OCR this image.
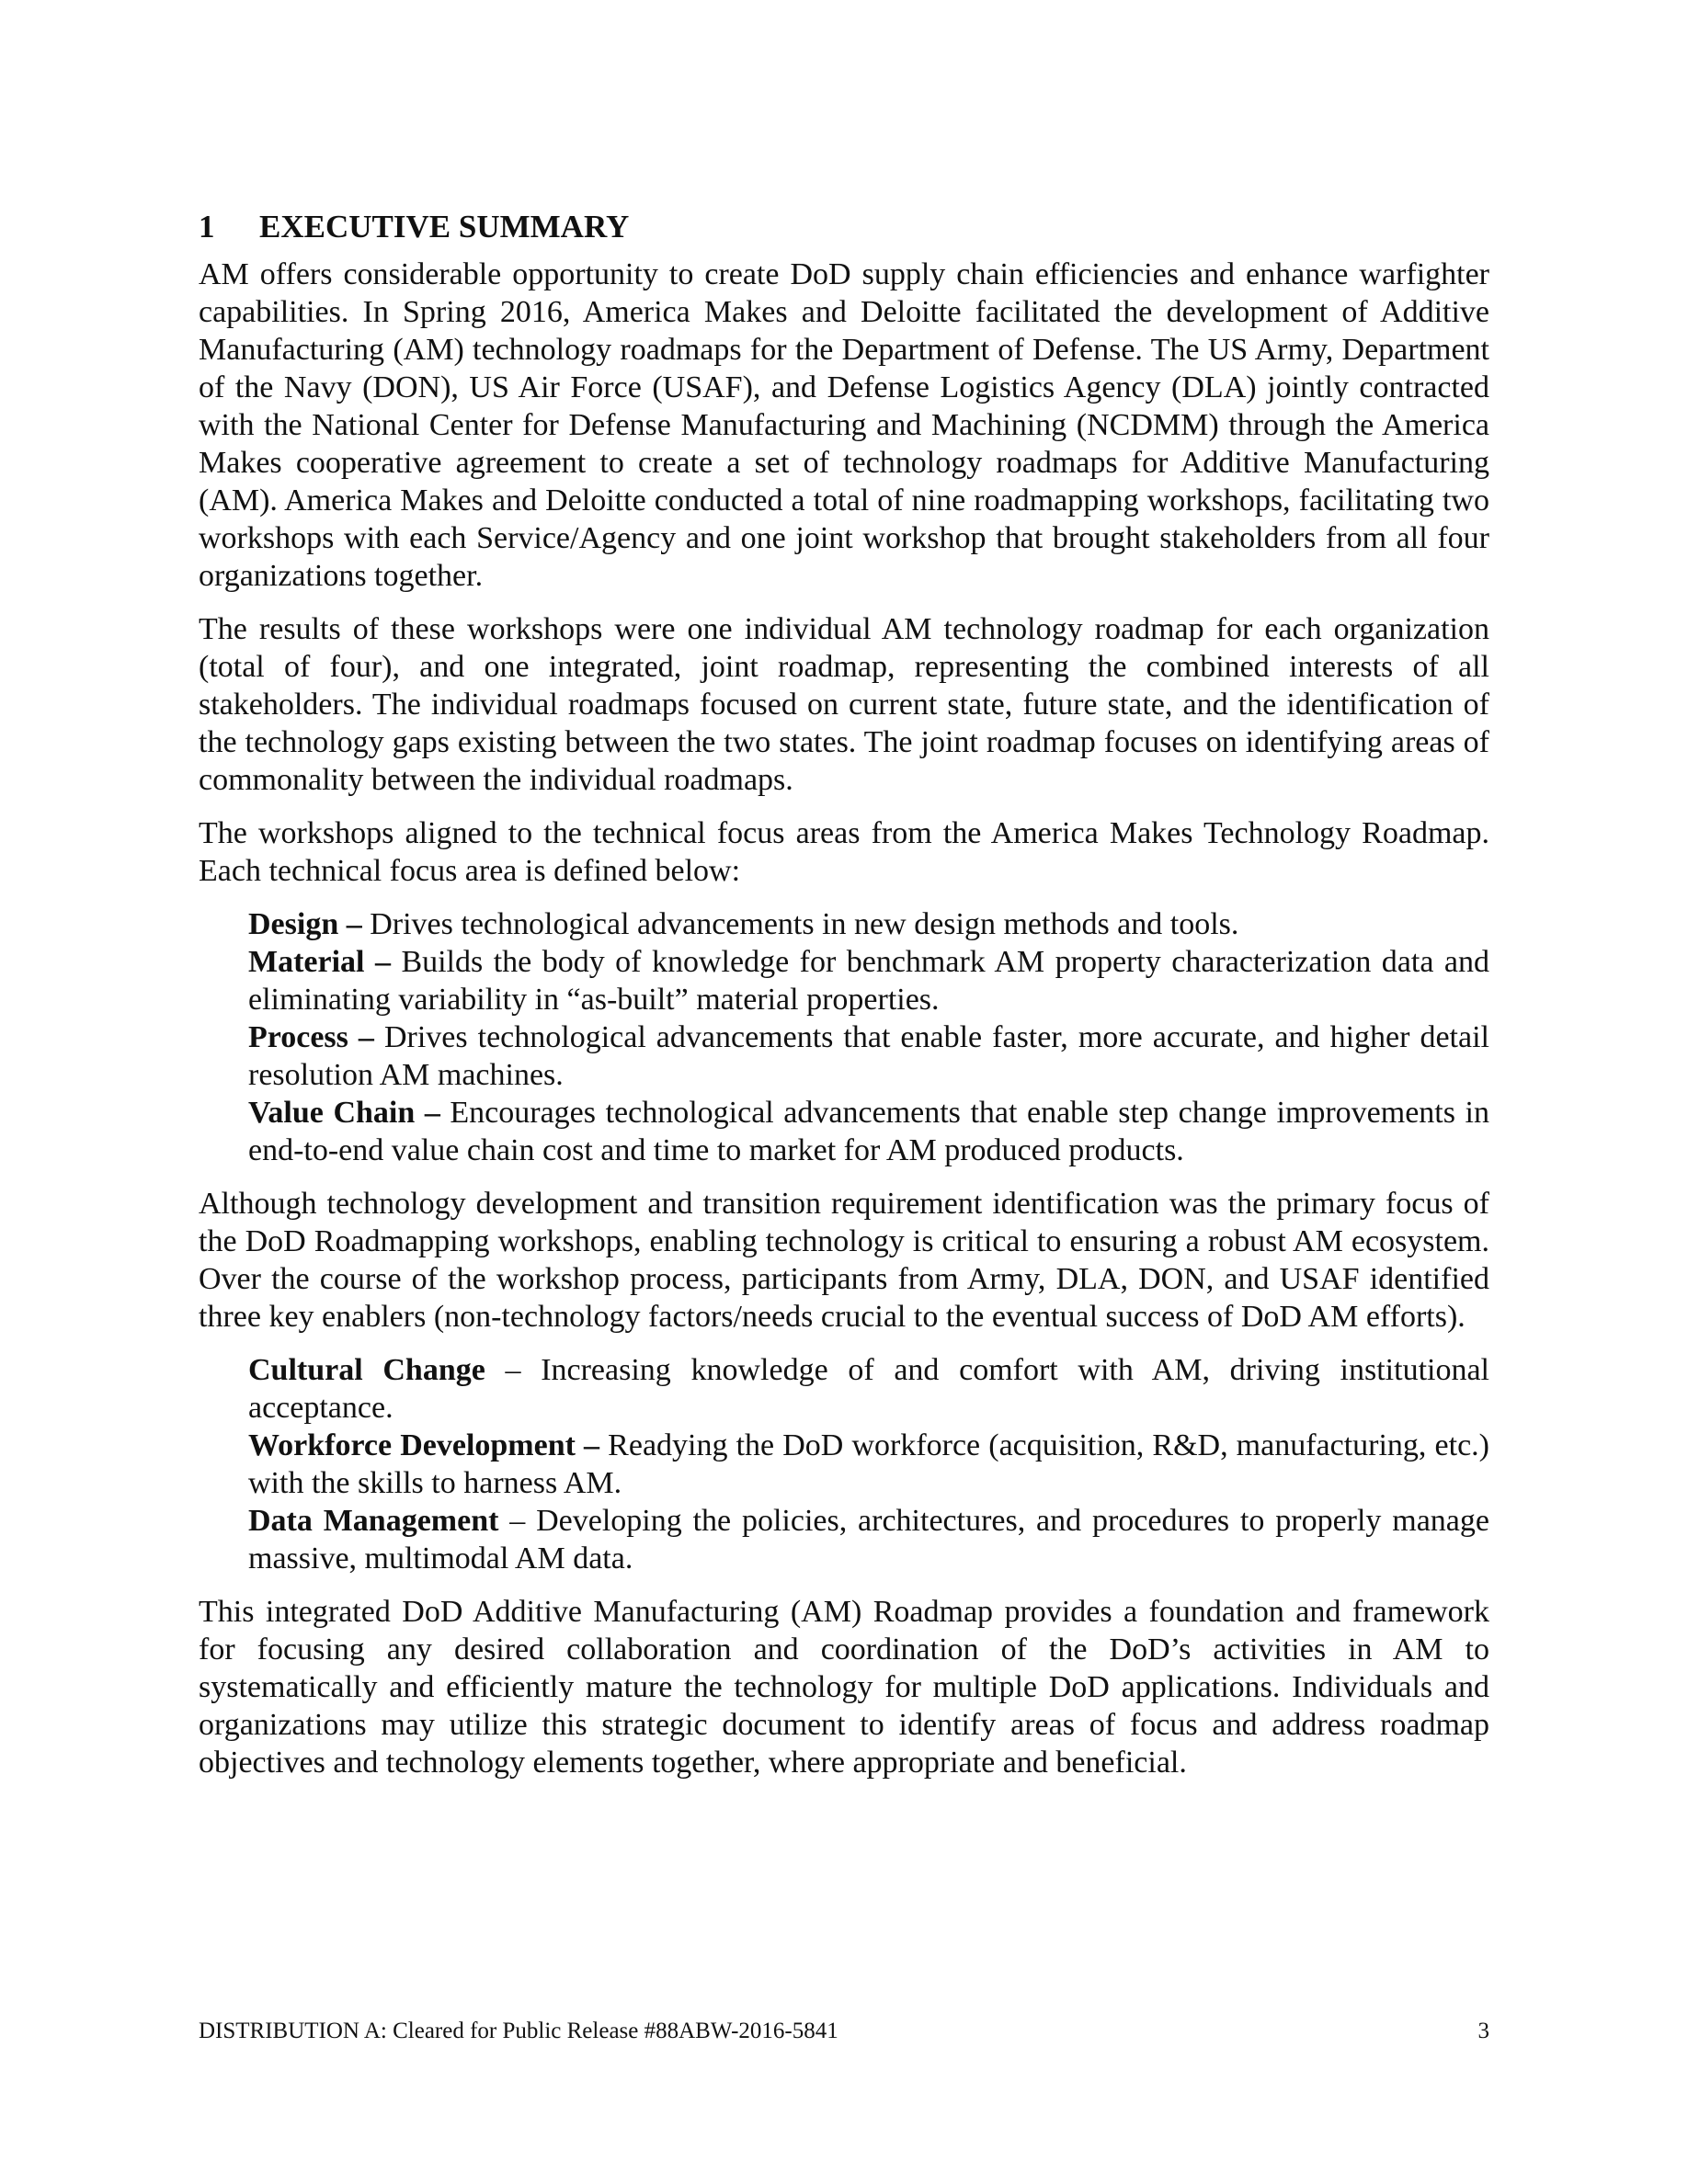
1 EXECUTIVE SUMMARY

AM offers considerable opportunity to create DoD supply chain efficiencies and enhance warfighter capabilities. In Spring 2016, America Makes and Deloitte facilitated the development of Additive Manufacturing (AM) technology roadmaps for the Department of Defense. The US Army, Department of the Navy (DON), US Air Force (USAF), and Defense Logistics Agency (DLA) jointly contracted with the National Center for Defense Manufacturing and Machining (NCDMM) through the America Makes cooperative agreement to create a set of technology roadmaps for Additive Manufacturing (AM). America Makes and Deloitte conducted a total of nine roadmapping workshops, facilitating two workshops with each Service/Agency and one joint workshop that brought stakeholders from all four organizations together.

The results of these workshops were one individual AM technology roadmap for each organization (total of four), and one integrated, joint roadmap, representing the combined interests of all stakeholders. The individual roadmaps focused on current state, future state, and the identification of the technology gaps existing between the two states. The joint roadmap focuses on identifying areas of commonality between the individual roadmaps.

The workshops aligned to the technical focus areas from the America Makes Technology Roadmap. Each technical focus area is defined below:

Design – Drives technological advancements in new design methods and tools.

Material – Builds the body of knowledge for benchmark AM property characterization data and eliminating variability in “as-built” material properties.

Process – Drives technological advancements that enable faster, more accurate, and higher detail resolution AM machines.

Value Chain – Encourages technological advancements that enable step change improvements in end-to-end value chain cost and time to market for AM produced products.

Although technology development and transition requirement identification was the primary focus of the DoD Roadmapping workshops, enabling technology is critical to ensuring a robust AM ecosystem. Over the course of the workshop process, participants from Army, DLA, DON, and USAF identified three key enablers (non-technology factors/needs crucial to the eventual success of DoD AM efforts).

Cultural Change – Increasing knowledge of and comfort with AM, driving institutional acceptance.

Workforce Development – Readying the DoD workforce (acquisition, R&D, manufacturing, etc.) with the skills to harness AM.

Data Management – Developing the policies, architectures, and procedures to properly manage massive, multimodal AM data.

This integrated DoD Additive Manufacturing (AM) Roadmap provides a foundation and framework for focusing any desired collaboration and coordination of the DoD’s activities in AM to systematically and efficiently mature the technology for multiple DoD applications. Individuals and organizations may utilize this strategic document to identify areas of focus and address roadmap objectives and technology elements together, where appropriate and beneficial.

DISTRIBUTION A: Cleared for Public Release #88ABW-2016-5841	3
